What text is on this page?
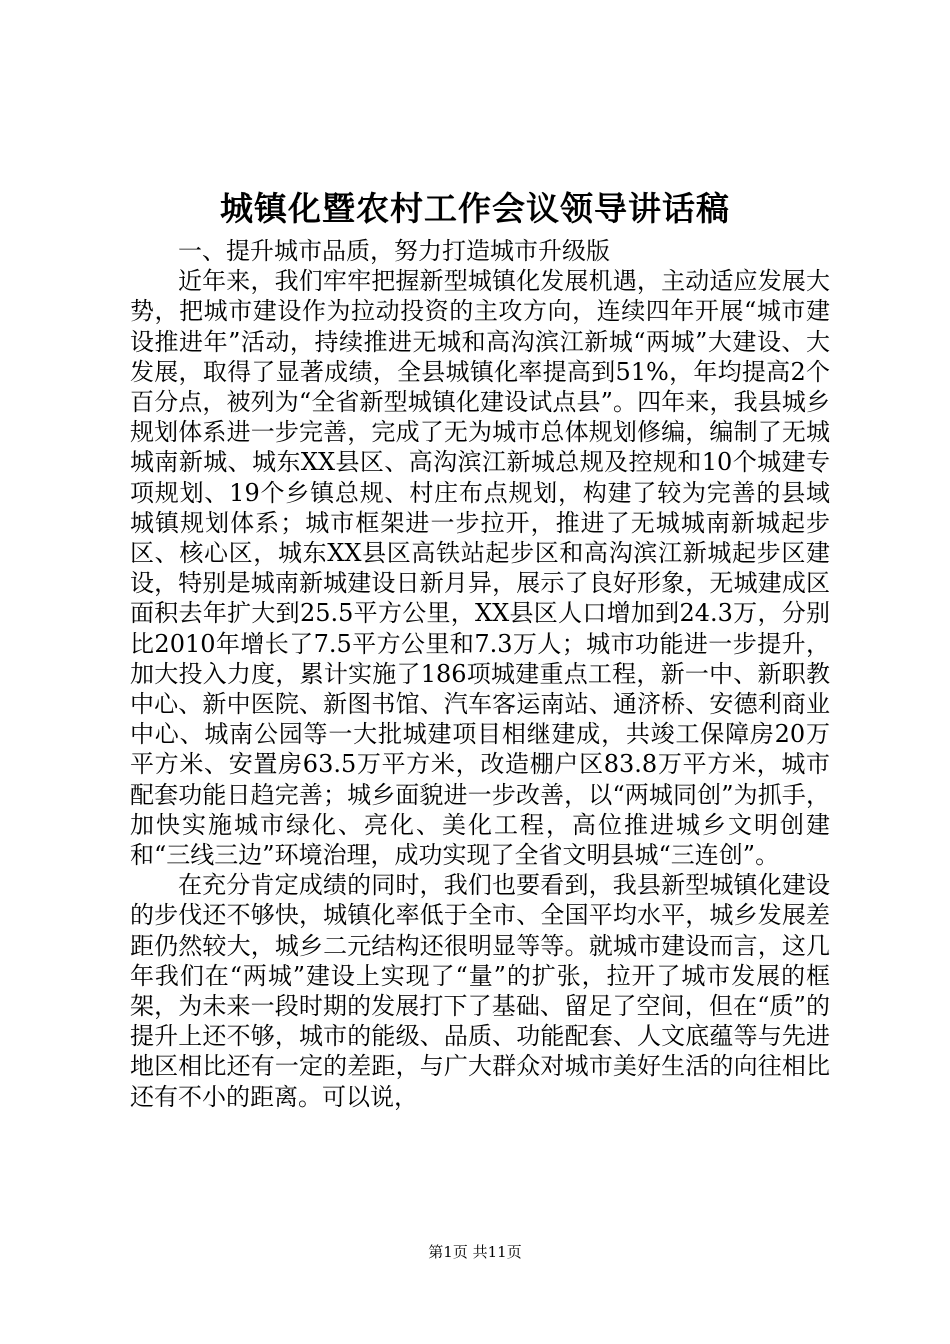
城镇化暨农村工作会议领导讲话稿

一、提升城市品质，努力打造城市升级版

近年来，我们牢牢把握新型城镇化发展机遇，主动适应发展大势，把城市建设作为拉动投资的主攻方向，连续四年开展“城市建设推进年”活动，持续推进无城和高沟滨江新城“两城”大建设、大发展，取得了显著成绩，全县城镇化率提高到51%，年均提高2个百分点，被列为“全省新型城镇化建设试点县”。四年来，我县城乡规划体系进一步完善，完成了无为城市总体规划修编，编制了无城城南新城、城东XX县区、高沟滨江新城总规及控规和10个城建专项规划、19个乡镇总规、村庄布点规划，构建了较为完善的县域城镇规划体系；城市框架进一步拉开，推进了无城城南新城起步区、核心区，城东XX县区高铁站起步区和高沟滨江新城起步区建设，特别是城南新城建设日新月异，展示了良好形象，无城建成区面积去年扩大到25.5平方公里，XX县区人口增加到24.3万，分别比2010年增长了7.5平方公里和7.3万人；城市功能进一步提升，加大投入力度，累计实施了186项城建重点工程，新一中、新职教中心、新中医院、新图书馆、汽车客运南站、通济桥、安德利商业中心、城南公园等一大批城建项目相继建成，共竣工保障房20万平方米、安置房63.5万平方米，改造棚户区83.8万平方米，城市配套功能日趋完善；城乡面貌进一步改善，以“两城同创”为抓手，加快实施城市绿化、亮化、美化工程，高位推进城乡文明创建和“三线三边”环境治理，成功实现了全省文明县城“三连创”。

在充分肯定成绩的同时，我们也要看到，我县新型城镇化建设的步伐还不够快，城镇化率低于全市、全国平均水平，城乡发展差距仍然较大，城乡二元结构还很明显等等。就城市建设而言，这几年我们在“两城”建设上实现了“量”的扩张，拉开了城市发展的框架，为未来一段时期的发展打下了基础、留足了空间，但在“质”的提升上还不够，城市的能级、品质、功能配套、人文底蕴等与先进地区相比还有一定的差距，与广大群众对城市美好生活的向往相比还有不小的距离。可以说，

第1页 共11页
